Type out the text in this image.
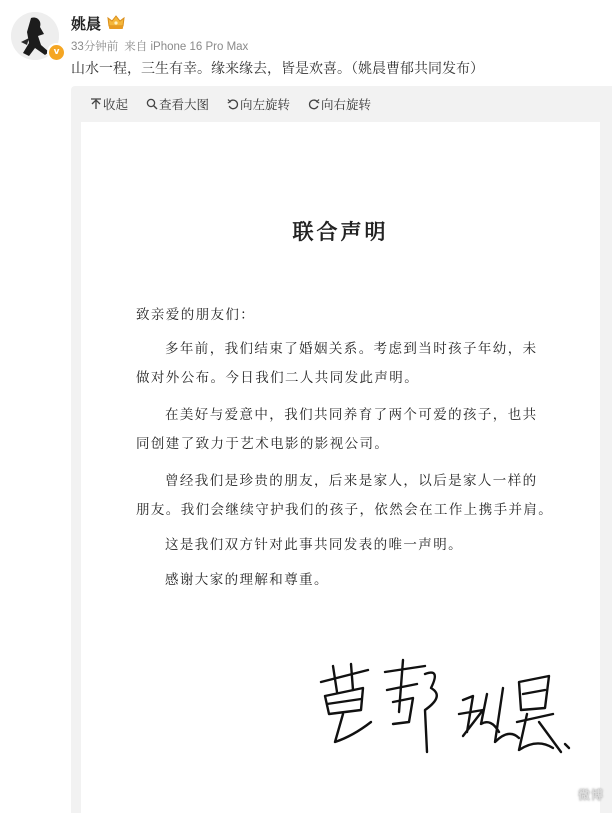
v
姚晨
33分钟前 来自 iPhone 16 Pro Max
山水一程，三生有幸。缘来缘去，皆是欢喜。（姚晨曹郁共同发布）
收起 查看大图 向左旋转 向右旋转
联合声明
致亲爱的朋友们：
多年前，我们结束了婚姻关系。考虑到当时孩子年幼，未
做对外公布。今日我们二人共同发此声明。
在美好与爱意中，我们共同养育了两个可爱的孩子，也共
同创建了致力于艺术电影的影视公司。
曾经我们是珍贵的朋友，后来是家人，以后是家人一样的
朋友。我们会继续守护我们的孩子，依然会在工作上携手并肩。
这是我们双方针对此事共同发表的唯一声明。
感谢大家的理解和尊重。
微博
